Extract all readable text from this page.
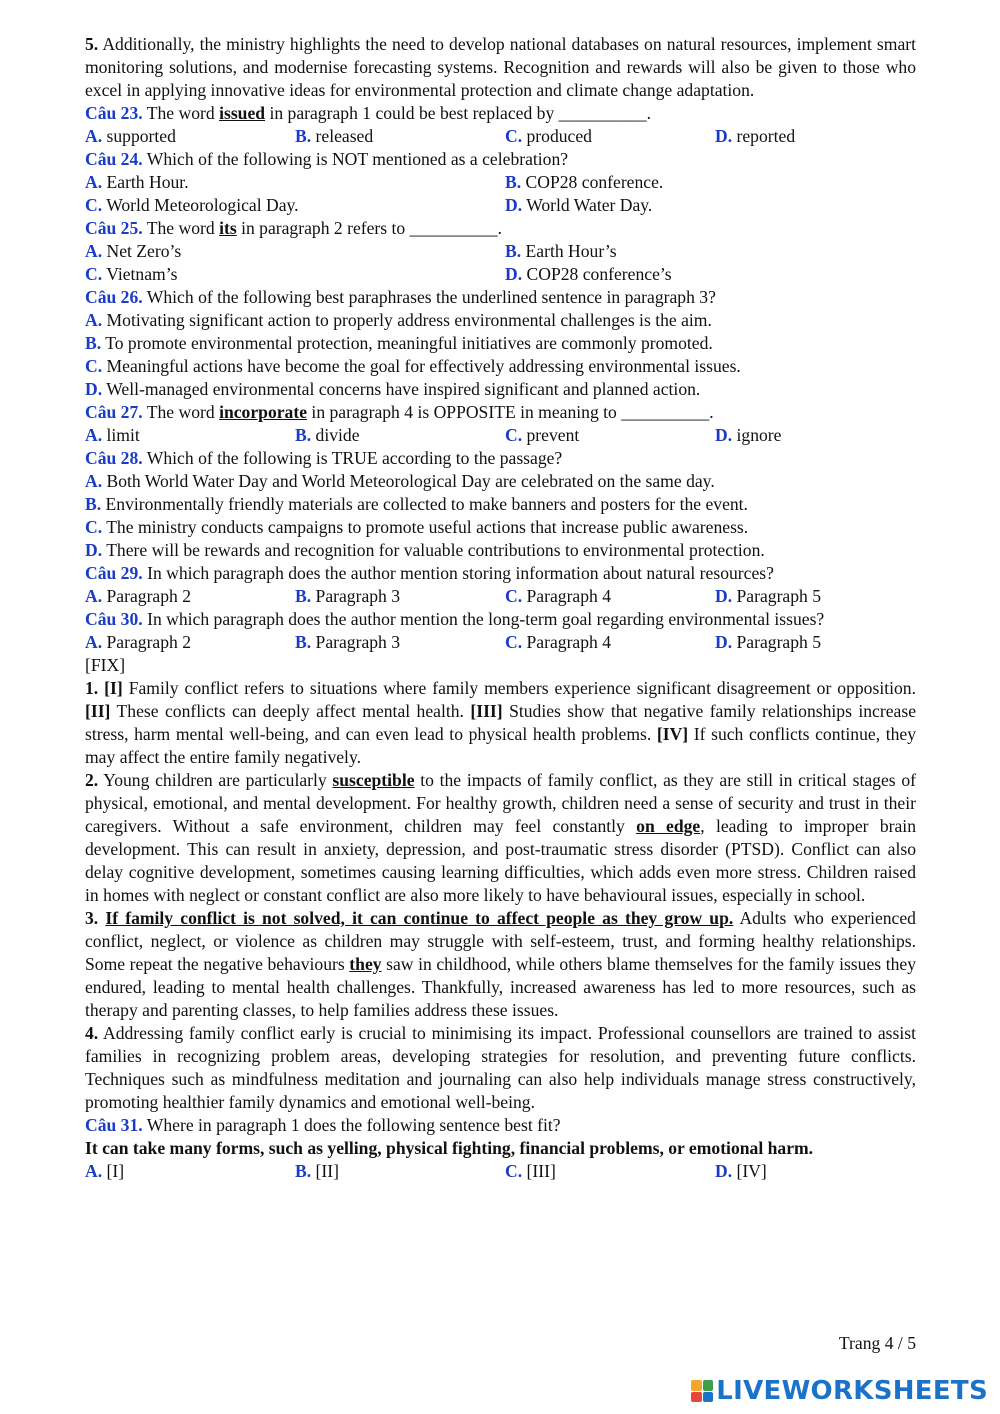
5. Additionally, the ministry highlights the need to develop national databases on natural resources, implement smart monitoring solutions, and modernise forecasting systems. Recognition and rewards will also be given to those who excel in applying innovative ideas for environmental protection and climate change adaptation.

Câu 23. The word issued in paragraph 1 could be best replaced by __________.

A. supported	B. released	C. produced	D. reported

Câu 24. Which of the following is NOT mentioned as a celebration?

A. Earth Hour.	B. COP28 conference.
C. World Meteorological Day.	D. World Water Day.

Câu 25. The word its in paragraph 2 refers to __________.

A. Net Zero’s	B. Earth Hour’s
C. Vietnam’s	D. COP28 conference’s

Câu 26. Which of the following best paraphrases the underlined sentence in paragraph 3?

A. Motivating significant action to properly address environmental challenges is the aim.

B. To promote environmental protection, meaningful initiatives are commonly promoted.

C. Meaningful actions have become the goal for effectively addressing environmental issues.

D. Well-managed environmental concerns have inspired significant and planned action.

Câu 27. The word incorporate in paragraph 4 is OPPOSITE in meaning to __________.

A. limit	B. divide	C. prevent	D. ignore

Câu 28. Which of the following is TRUE according to the passage?

A. Both World Water Day and World Meteorological Day are celebrated on the same day.

B. Environmentally friendly materials are collected to make banners and posters for the event.

C. The ministry conducts campaigns to promote useful actions that increase public awareness.

D. There will be rewards and recognition for valuable contributions to environmental protection.

Câu 29. In which paragraph does the author mention storing information about natural resources?

A. Paragraph 2	B. Paragraph 3	C. Paragraph 4	D. Paragraph 5

Câu 30. In which paragraph does the author mention the long-term goal regarding environmental issues?

A. Paragraph 2	B. Paragraph 3	C. Paragraph 4	D. Paragraph 5

[FIX]

1. [I] Family conflict refers to situations where family members experience significant disagreement or opposition. [II] These conflicts can deeply affect mental health. [III] Studies show that negative family relationships increase stress, harm mental well-being, and can even lead to physical health problems. [IV] If such conflicts continue, they may affect the entire family negatively.

2. Young children are particularly susceptible to the impacts of family conflict, as they are still in critical stages of physical, emotional, and mental development. For healthy growth, children need a sense of security and trust in their caregivers. Without a safe environment, children may feel constantly on edge, leading to improper brain development. This can result in anxiety, depression, and post-traumatic stress disorder (PTSD). Conflict can also delay cognitive development, sometimes causing learning difficulties, which adds even more stress. Children raised in homes with neglect or constant conflict are also more likely to have behavioural issues, especially in school.

3. If family conflict is not solved, it can continue to affect people as they grow up. Adults who experienced conflict, neglect, or violence as children may struggle with self-esteem, trust, and forming healthy relationships. Some repeat the negative behaviours they saw in childhood, while others blame themselves for the family issues they endured, leading to mental health challenges. Thankfully, increased awareness has led to more resources, such as therapy and parenting classes, to help families address these issues.

4. Addressing family conflict early is crucial to minimising its impact. Professional counsellors are trained to assist families in recognizing problem areas, developing strategies for resolution, and preventing future conflicts. Techniques such as mindfulness meditation and journaling can also help individuals manage stress constructively, promoting healthier family dynamics and emotional well-being.

Câu 31. Where in paragraph 1 does the following sentence best fit?

It can take many forms, such as yelling, physical fighting, financial problems, or emotional harm.

A. [I]	B. [II]	C. [III]	D. [IV]
Trang 4 / 5
LIVEWORKSHEETS
